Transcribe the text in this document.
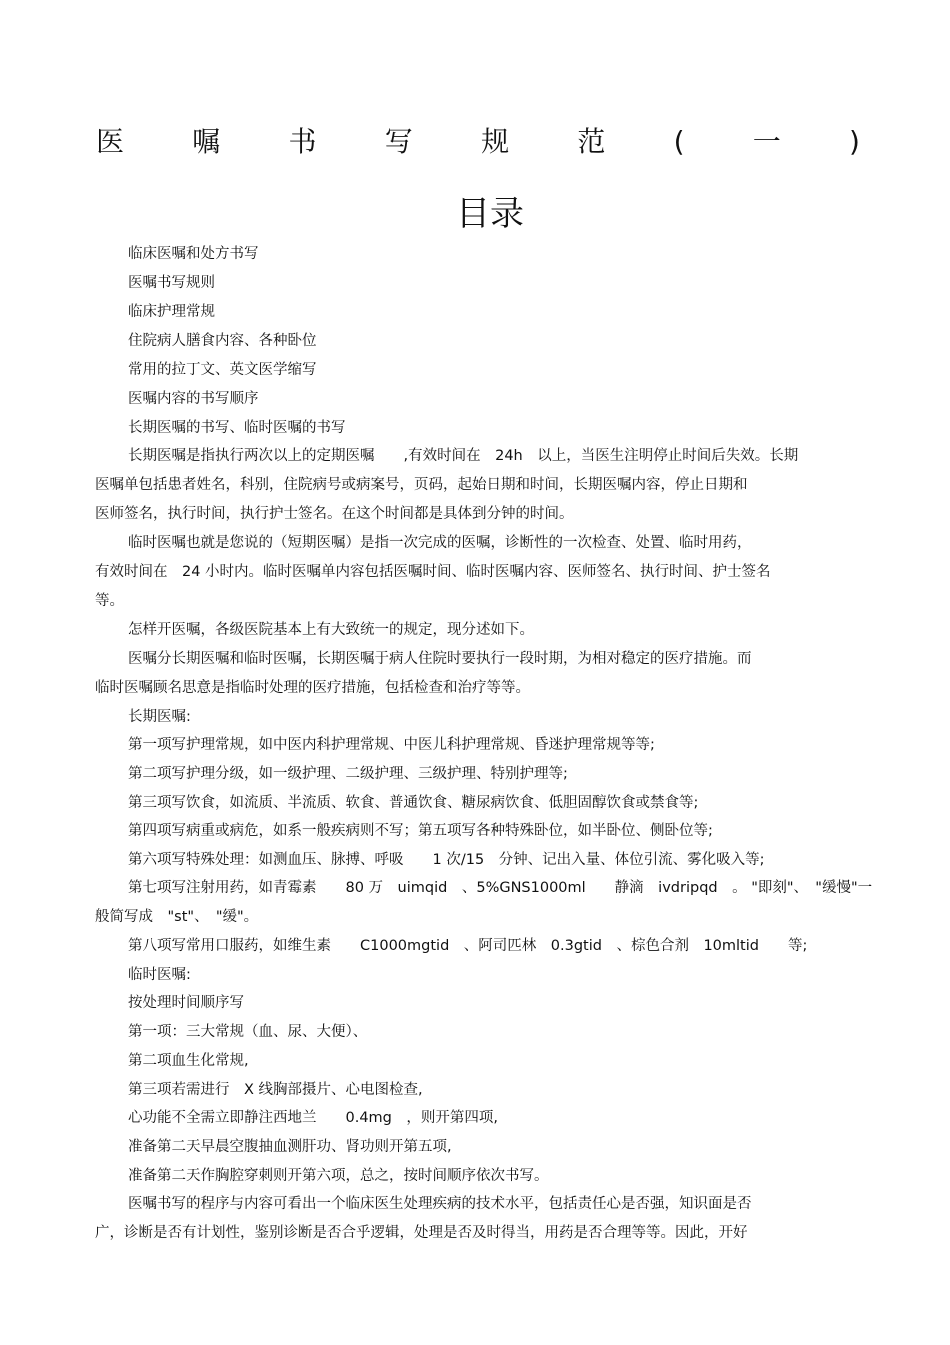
医 嘱 书 写 规 范 ( 一 )
目录
临床医嘱和处方书写
医嘱书写规则
临床护理常规
住院病人膳食内容、各种卧位
常用的拉丁文、英文医学缩写
医嘱内容的书写顺序
长期医嘱的书写、临时医嘱的书写
长期医嘱是指执行两次以上的定期医嘱　　,有效时间在　24h　以上，当医生注明停止时间后失效。长期
医嘱单包括患者姓名，科别，住院病号或病案号，页码，起始日期和时间，长期医嘱内容，停止日期和
医师签名，执行时间，执行护士签名。在这个时间都是具体到分钟的时间。
临时医嘱也就是您说的（短期医嘱）是指一次完成的医嘱，诊断性的一次检查、处置、临时用药，
有效时间在　24 小时内。临时医嘱单内容包括医嘱时间、临时医嘱内容、医师签名、执行时间、护士签名
等。
怎样开医嘱，各级医院基本上有大致统一的规定，现分述如下。
医嘱分长期医嘱和临时医嘱，长期医嘱于病人住院时要执行一段时期，为相对稳定的医疗措施。而
临时医嘱顾名思意是指临时处理的医疗措施，包括检查和治疗等等。
长期医嘱:
第一项写护理常规，如中医内科护理常规、中医儿科护理常规、昏迷护理常规等等;
第二项写护理分级，如一级护理、二级护理、三级护理、特别护理等;
第三项写饮食，如流质、半流质、软食、普通饮食、糖尿病饮食、低胆固醇饮食或禁食等;
第四项写病重或病危，如系一般疾病则不写；第五项写各种特殊卧位，如半卧位、侧卧位等;
第六项写特殊处理：如测血压、脉搏、呼吸　　1 次/15　分钟、记出入量、体位引流、雾化吸入等;
第七项写注射用药，如青霉素　　80 万　uimqid　、5%GNS1000ml　　静滴　ivdripqd　。 "即刻"、　"缓慢"一
般简写成　"st"、　"缓"。
第八项写常用口服药，如维生素　　C1000mgtid　、阿司匹林　0.3gtid　、棕色合剂　10mltid　　等;
临时医嘱:
按处理时间顺序写
第一项：三大常规（血、尿、大便）、
第二项血生化常规,
第三项若需进行　X 线胸部摄片、心电图检查,
心功能不全需立即静注西地兰　　0.4mg　，则开第四项,
准备第二天早晨空腹抽血测肝功、肾功则开第五项,
准备第二天作胸腔穿刺则开第六项，总之，按时间顺序依次书写。
医嘱书写的程序与内容可看出一个临床医生处理疾病的技术水平，包括责任心是否强，知识面是否
广，诊断是否有计划性，鉴别诊断是否合乎逻辑，处理是否及时得当，用药是否合理等等。因此，开好
